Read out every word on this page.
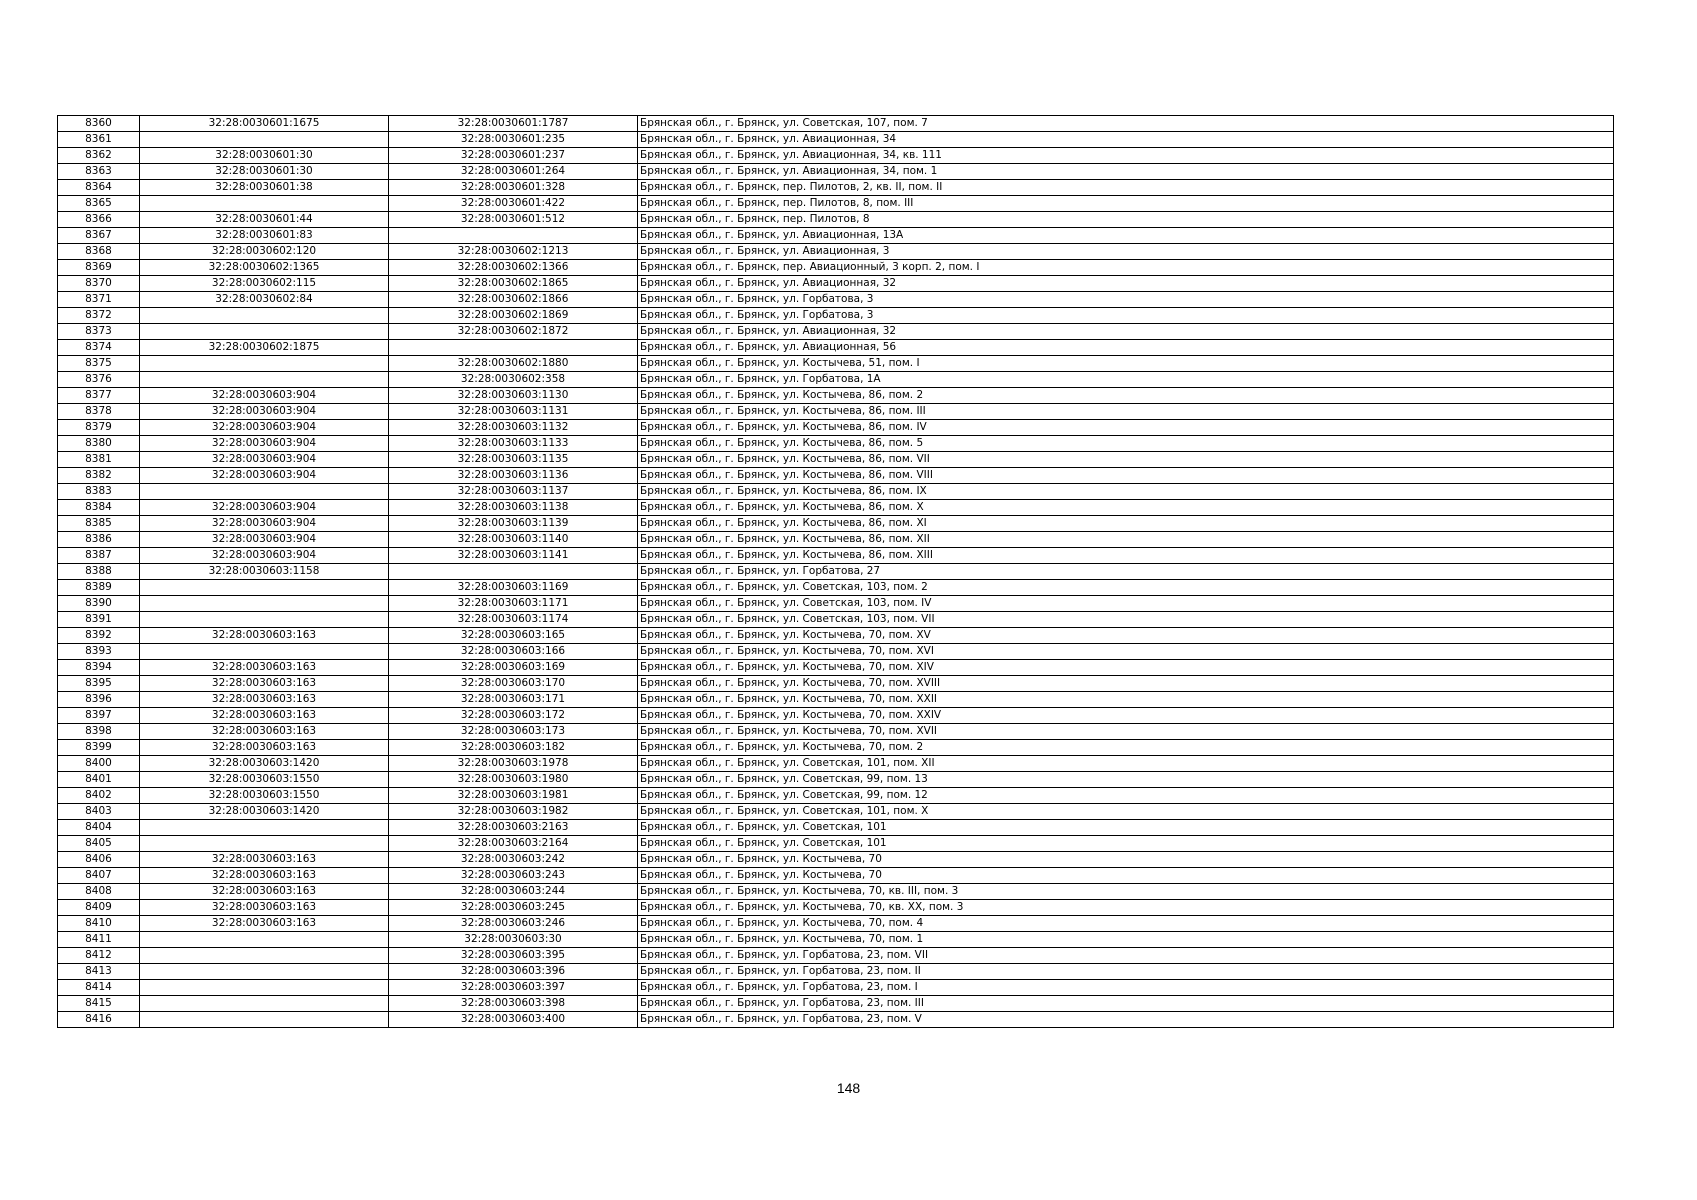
8360	32:28:0030601:1675	32:28:0030601:1787	Брянская обл., г. Брянск, ул. Советская, 107, пом. 7
8361		32:28:0030601:235	Брянская обл., г. Брянск, ул. Авиационная, 34
8362	32:28:0030601:30	32:28:0030601:237	Брянская обл., г. Брянск, ул. Авиационная, 34, кв. 111
8363	32:28:0030601:30	32:28:0030601:264	Брянская обл., г. Брянск, ул. Авиационная, 34, пом. 1
8364	32:28:0030601:38	32:28:0030601:328	Брянская обл., г. Брянск, пер. Пилотов, 2, кв. II, пом. II
8365		32:28:0030601:422	Брянская обл., г. Брянск, пер. Пилотов, 8, пом. III
8366	32:28:0030601:44	32:28:0030601:512	Брянская обл., г. Брянск, пер. Пилотов, 8
8367	32:28:0030601:83		Брянская обл., г. Брянск, ул. Авиационная, 13А
8368	32:28:0030602:120	32:28:0030602:1213	Брянская обл., г. Брянск, ул. Авиационная, 3
8369	32:28:0030602:1365	32:28:0030602:1366	Брянская обл., г. Брянск, пер. Авиационный, 3 корп. 2, пом. I
8370	32:28:0030602:115	32:28:0030602:1865	Брянская обл., г. Брянск, ул. Авиационная, 32
8371	32:28:0030602:84	32:28:0030602:1866	Брянская обл., г. Брянск, ул. Горбатова, 3
8372		32:28:0030602:1869	Брянская обл., г. Брянск, ул. Горбатова, 3
8373		32:28:0030602:1872	Брянская обл., г. Брянск, ул. Авиационная, 32
8374	32:28:0030602:1875		Брянская обл., г. Брянск, ул. Авиационная, 56
8375		32:28:0030602:1880	Брянская обл., г. Брянск, ул. Костычева, 51, пом. I
8376		32:28:0030602:358	Брянская обл., г. Брянск, ул. Горбатова, 1А
8377	32:28:0030603:904	32:28:0030603:1130	Брянская обл., г. Брянск, ул. Костычева, 86, пом. 2
8378	32:28:0030603:904	32:28:0030603:1131	Брянская обл., г. Брянск, ул. Костычева, 86, пом. III
8379	32:28:0030603:904	32:28:0030603:1132	Брянская обл., г. Брянск, ул. Костычева, 86, пом. IV
8380	32:28:0030603:904	32:28:0030603:1133	Брянская обл., г. Брянск, ул. Костычева, 86, пом. 5
8381	32:28:0030603:904	32:28:0030603:1135	Брянская обл., г. Брянск, ул. Костычева, 86, пом. VII
8382	32:28:0030603:904	32:28:0030603:1136	Брянская обл., г. Брянск, ул. Костычева, 86, пом. VIII
8383		32:28:0030603:1137	Брянская обл., г. Брянск, ул. Костычева, 86, пом. IX
8384	32:28:0030603:904	32:28:0030603:1138	Брянская обл., г. Брянск, ул. Костычева, 86, пом. X
8385	32:28:0030603:904	32:28:0030603:1139	Брянская обл., г. Брянск, ул. Костычева, 86, пом. XI
8386	32:28:0030603:904	32:28:0030603:1140	Брянская обл., г. Брянск, ул. Костычева, 86, пом. XII
8387	32:28:0030603:904	32:28:0030603:1141	Брянская обл., г. Брянск, ул. Костычева, 86, пом. XIII
8388	32:28:0030603:1158		Брянская обл., г. Брянск, ул. Горбатова, 27
8389		32:28:0030603:1169	Брянская обл., г. Брянск, ул. Советская, 103, пом. 2
8390		32:28:0030603:1171	Брянская обл., г. Брянск, ул. Советская, 103, пом. IV
8391		32:28:0030603:1174	Брянская обл., г. Брянск, ул. Советская, 103, пом. VII
8392	32:28:0030603:163	32:28:0030603:165	Брянская обл., г. Брянск, ул. Костычева, 70, пом. XV
8393		32:28:0030603:166	Брянская обл., г. Брянск, ул. Костычева, 70, пом. XVI
8394	32:28:0030603:163	32:28:0030603:169	Брянская обл., г. Брянск, ул. Костычева, 70, пом. XIV
8395	32:28:0030603:163	32:28:0030603:170	Брянская обл., г. Брянск, ул. Костычева, 70, пом. XVIII
8396	32:28:0030603:163	32:28:0030603:171	Брянская обл., г. Брянск, ул. Костычева, 70, пом. XXII
8397	32:28:0030603:163	32:28:0030603:172	Брянская обл., г. Брянск, ул. Костычева, 70, пом. XXIV
8398	32:28:0030603:163	32:28:0030603:173	Брянская обл., г. Брянск, ул. Костычева, 70, пом. XVII
8399	32:28:0030603:163	32:28:0030603:182	Брянская обл., г. Брянск, ул. Костычева, 70, пом. 2
8400	32:28:0030603:1420	32:28:0030603:1978	Брянская обл., г. Брянск, ул. Советская, 101, пом. XII
8401	32:28:0030603:1550	32:28:0030603:1980	Брянская обл., г. Брянск, ул. Советская, 99, пом. 13
8402	32:28:0030603:1550	32:28:0030603:1981	Брянская обл., г. Брянск, ул. Советская, 99, пом. 12
8403	32:28:0030603:1420	32:28:0030603:1982	Брянская обл., г. Брянск, ул. Советская, 101, пом. X
8404		32:28:0030603:2163	Брянская обл., г. Брянск, ул. Советская, 101
8405		32:28:0030603:2164	Брянская обл., г. Брянск, ул. Советская, 101
8406	32:28:0030603:163	32:28:0030603:242	Брянская обл., г. Брянск, ул. Костычева, 70
8407	32:28:0030603:163	32:28:0030603:243	Брянская обл., г. Брянск, ул. Костычева, 70
8408	32:28:0030603:163	32:28:0030603:244	Брянская обл., г. Брянск, ул. Костычева, 70, кв. III, пом. 3
8409	32:28:0030603:163	32:28:0030603:245	Брянская обл., г. Брянск, ул. Костычева, 70, кв. XX, пом. 3
8410	32:28:0030603:163	32:28:0030603:246	Брянская обл., г. Брянск, ул. Костычева, 70, пом. 4
8411		32:28:0030603:30	Брянская обл., г. Брянск, ул. Костычева, 70, пом. 1
8412		32:28:0030603:395	Брянская обл., г. Брянск, ул. Горбатова, 23, пом. VII
8413		32:28:0030603:396	Брянская обл., г. Брянск, ул. Горбатова, 23, пом. II
8414		32:28:0030603:397	Брянская обл., г. Брянск, ул. Горбатова, 23, пом. I
8415		32:28:0030603:398	Брянская обл., г. Брянск, ул. Горбатова, 23, пом. III
8416		32:28:0030603:400	Брянская обл., г. Брянск, ул. Горбатова, 23, пом. V
148
